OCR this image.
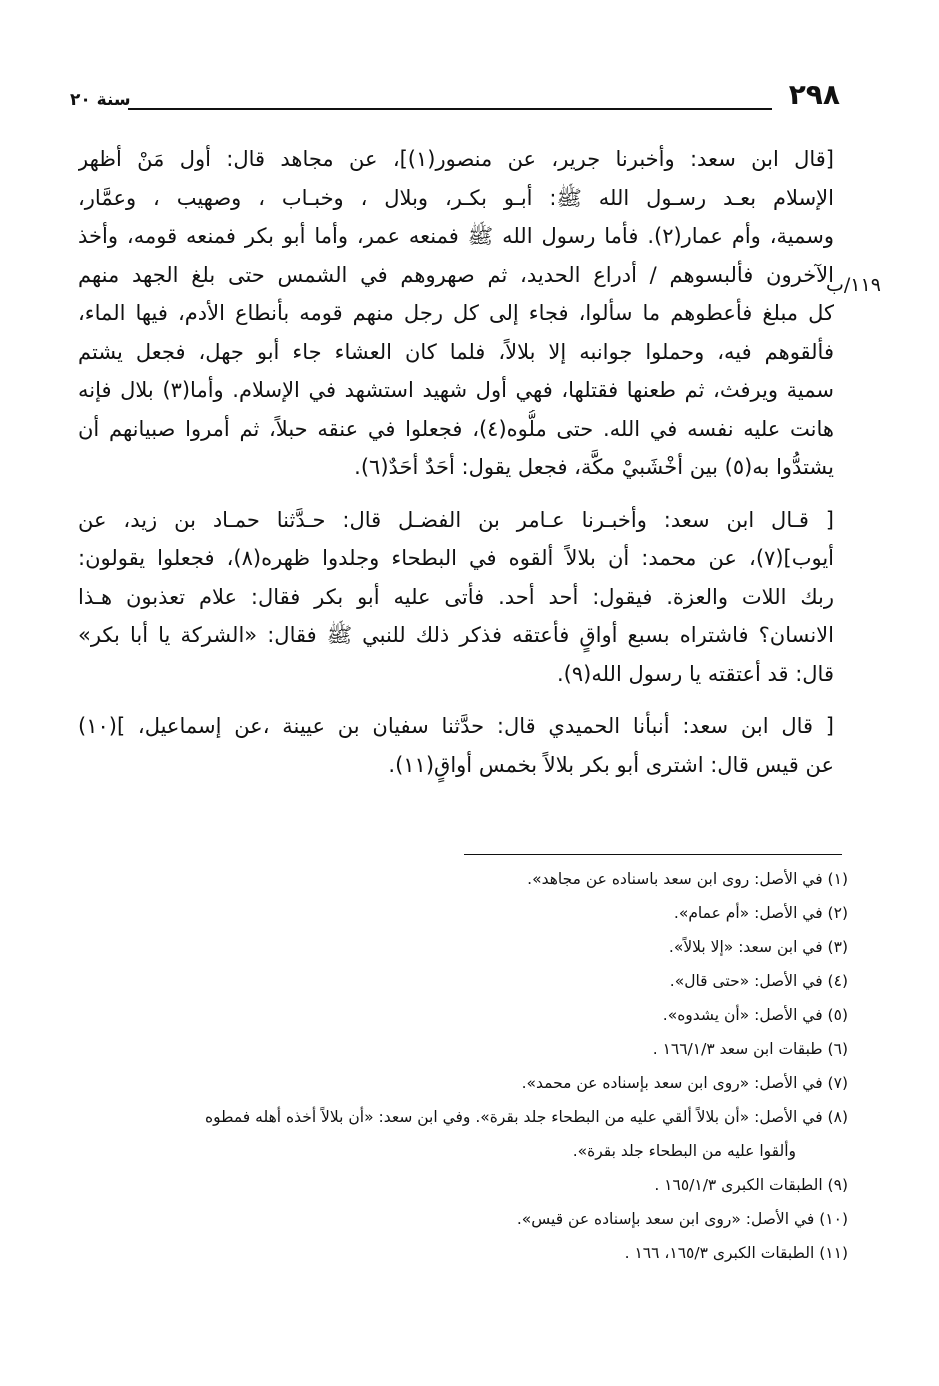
سنة ٢٠	٢٩٨
١١٩/ب

[قال ابن سعد: وأخبرنا جرير، عن منصور(١)]، عن مجاهد قال: أول مَنْ أظهر
الإسلام بعـد رسـول الله ﷺ: أبـو بكـر، وبلال ، وخبـاب ، وصهيب ، وعمَّار،
وسمية، وأم عمار(٢). فأما رسول الله ﷺ فمنعه عمر، وأما أبو بكر فمنعه قومه، وأخذ
الآخرون فألبسوهم / أدراع الحديد، ثم صهروهم في الشمس حتى بلغ الجهد منهم
كل مبلغ فأعطوهم ما سألوا، فجاء إلى كل رجل منهم قومه بأنطاع الأدم، فيها الماء،
فألقوهم فيه، وحملوا جوانبه إلا بلالاً، فلما كان العشاء جاء أبو جهل، فجعل يشتم
سمية ويرفث، ثم طعنها فقتلها، فهي أول شهيد استشهد في الإسلام. وأما(٣) بلال فإنه
هانت عليه نفسه في الله. حتى ملُّوه(٤)، فجعلوا في عنقه حبلاً، ثم أمروا صبيانهم أن
يشتدُّوا به(٥) بين أخْشَبيْ مكَّة، فجعل يقول: أحَدٌ أحَدٌ(٦).

[ قـال ابن سعد: وأخبـرنا عـامر بن الفضـل قال: حـدَّثنا حمـاد بن زيد، عن
أيوب](٧)، عن محمد: أن بلالاً ألقوه في البطحاء وجلدوا ظهره(٨)، فجعلوا يقولون:
ربك اللات والعزة. فيقول: أحد أحد. فأتى عليه أبو بكر فقال: علام تعذبون هـذا
الانسان؟ فاشتراه بسبع أواقٍ فأعتقه فذكر ذلك للنبي ﷺ فقال: «الشركة يا أبا بكر»
قال: قد أعتقته يا رسول الله(٩).

[ قال ابن سعد: أنبأنا الحميدي قال: حدَّثنا سفيان بن عيينة ،عن إسماعيل، ](١٠)
عن قيس قال: اشترى أبو بكر بلالاً بخمس أواقٍ(١١).

(١) في الأصل: روى ابن سعد باسناده عن مجاهد».
(٢) في الأصل: «أم عمام».
(٣) في ابن سعد: «إلا بلالاً».
(٤) في الأصل: «حتى قال».
(٥) في الأصل: «أن يشدوه».
(٦) طبقات ابن سعد ١٦٦/١/٣ .
(٧) في الأصل: «روى ابن سعد بإسناده عن محمد».
(٨) في الأصل: «أن بلالاً ألقي عليه من البطحاء جلد بقرة». وفي ابن سعد: «أن بلالاً أخذه أهله فمطوه
وألقوا عليه من البطحاء جلد بقرة».
(٩) الطبقات الكبرى ١٦٥/١/٣ .
(١٠) في الأصل: «روى ابن سعد بإسناده عن قيس».
(١١) الطبقات الكبرى ١٦٥/٣، ١٦٦ .
